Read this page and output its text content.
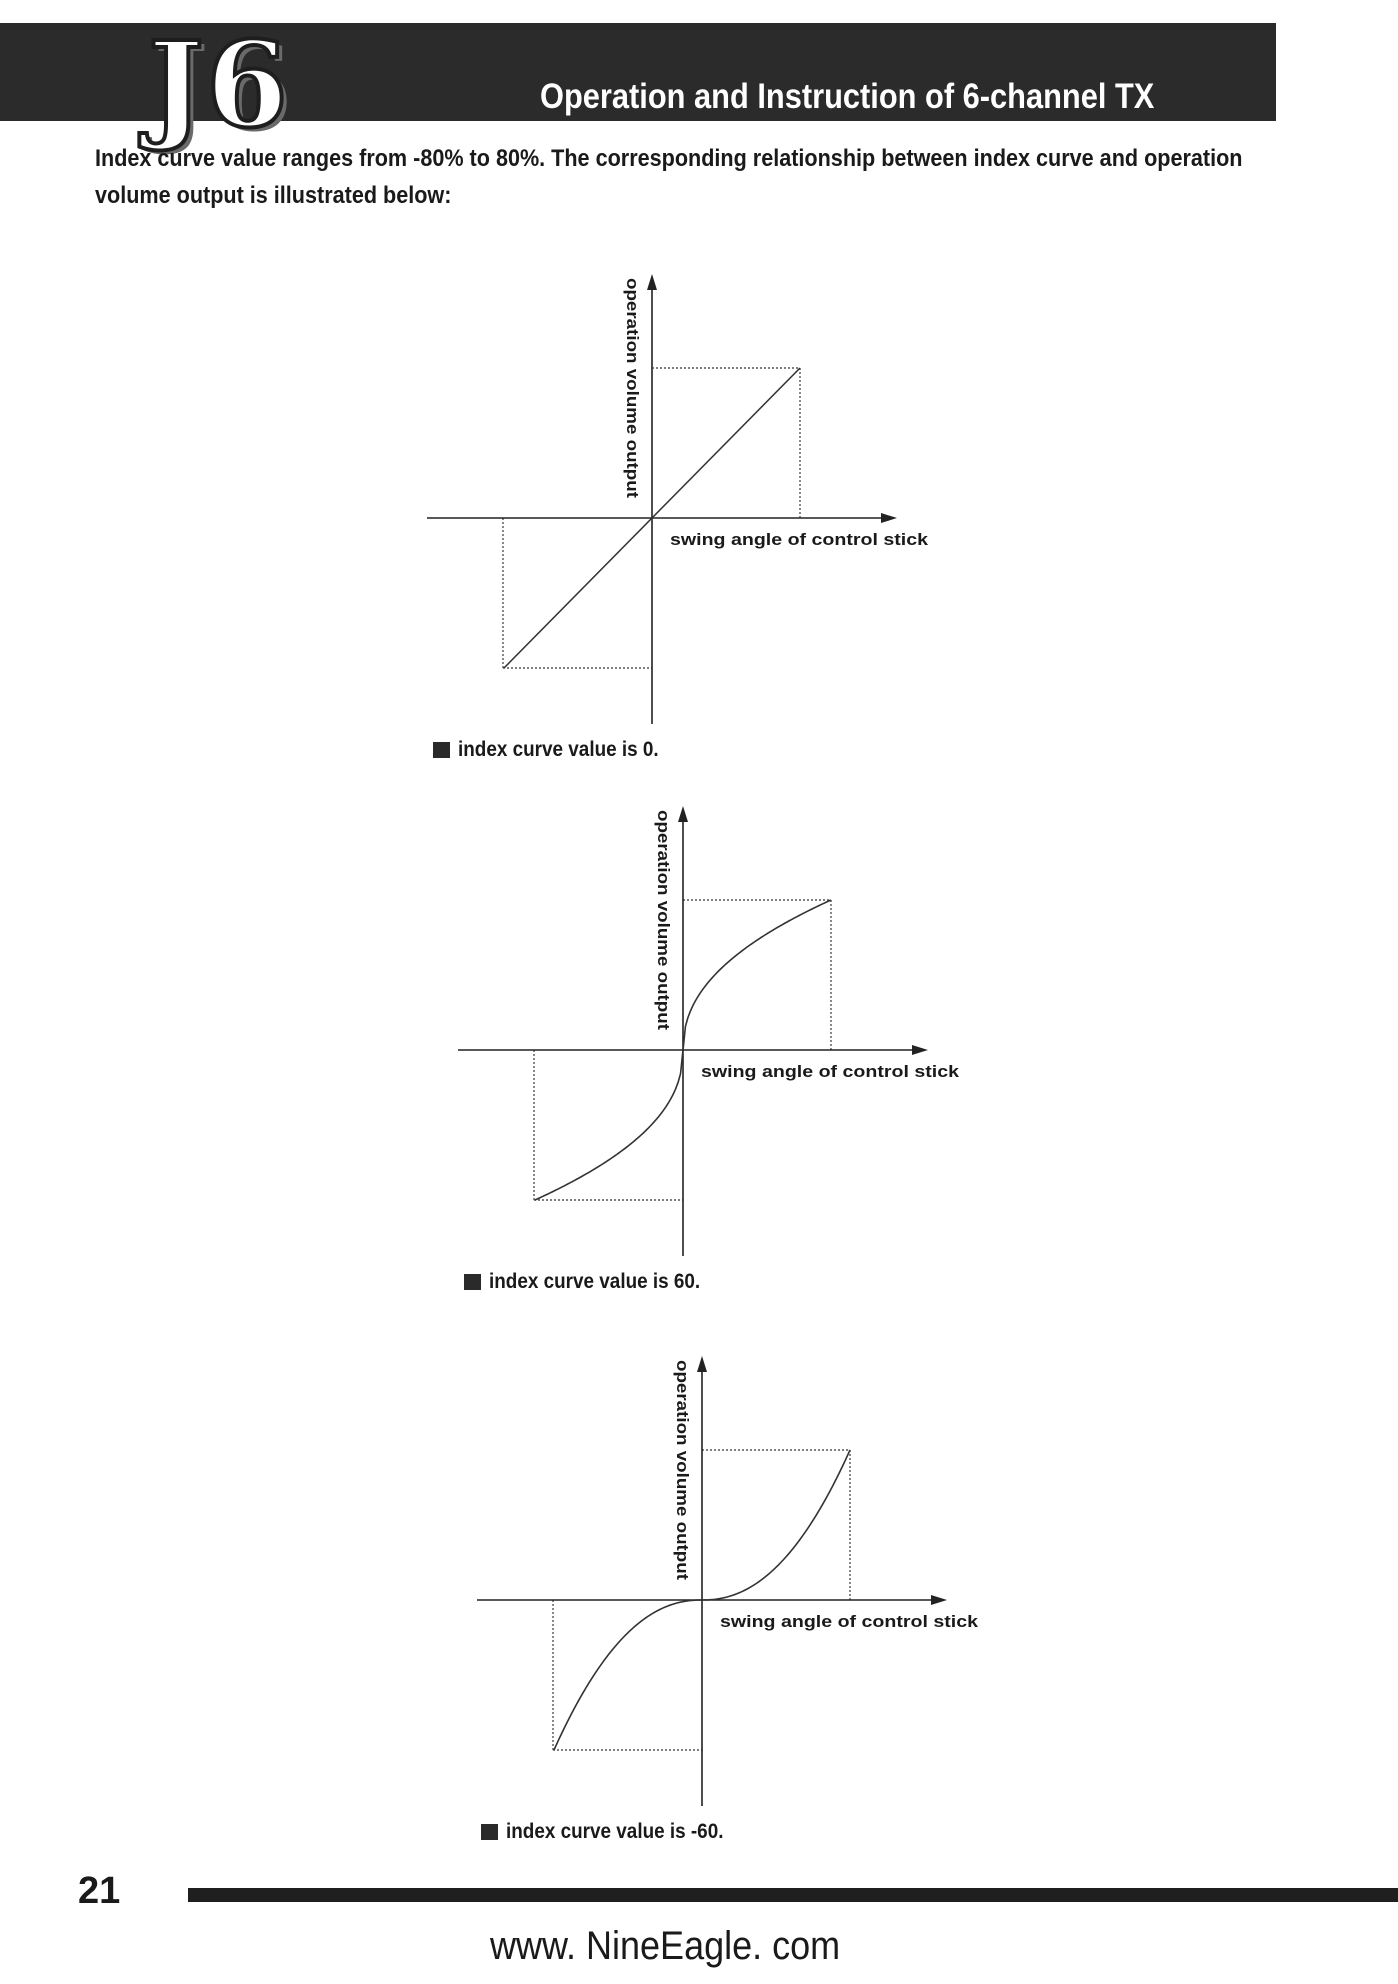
J6	Operation and Instruction of 6-channel TX
Index curve value ranges from -80% to 80%. The corresponding relationship between index curve and operation
volume output is illustrated below:
operation volume output
swing angle of control stick
index curve value is 0.
operation volume output
swing angle of control stick
index curve value is 60.
operation volume output
swing angle of control stick
index curve value is -60.
21
www. NineEagle. com
